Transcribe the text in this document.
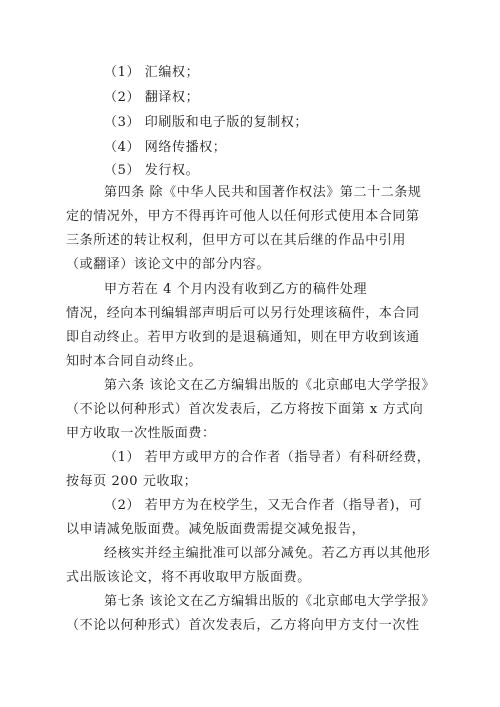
（1） 汇编权；
（2） 翻译权；
（3） 印刷版和电子版的复制权；
（4） 网络传播权；
（5） 发行权。
第四条 除《中华人民共和国著作权法》第二十二条规
定的情况外，甲方不得再许可他人以任何形式使用本合同第
三条所述的转让权利，但甲方可以在其后继的作品中引用
（或翻译）该论文中的部分内容。
甲方若在 4 个月内没有收到乙方的稿件处理
情况，经向本刊编辑部声明后可以另行处理该稿件，本合同
即自动终止。若甲方收到的是退稿通知，则在甲方收到该通
知时本合同自动终止。
第六条 该论文在乙方编辑出版的《北京邮电大学学报》
（不论以何种形式）首次发表后，乙方将按下面第 x 方式向
甲方收取一次性版面费：
（1） 若甲方或甲方的合作者（指导者）有科研经费，
按每页 200 元收取；
（2） 若甲方为在校学生，又无合作者（指导者)，可
以申请减免版面费。减免版面费需提交减免报告，
经核实并经主编批准可以部分减免。若乙方再以其他形
式出版该论文，将不再收取甲方版面费。
第七条 该论文在乙方编辑出版的《北京邮电大学学报》
（不论以何种形式）首次发表后，乙方将向甲方支付一次性
